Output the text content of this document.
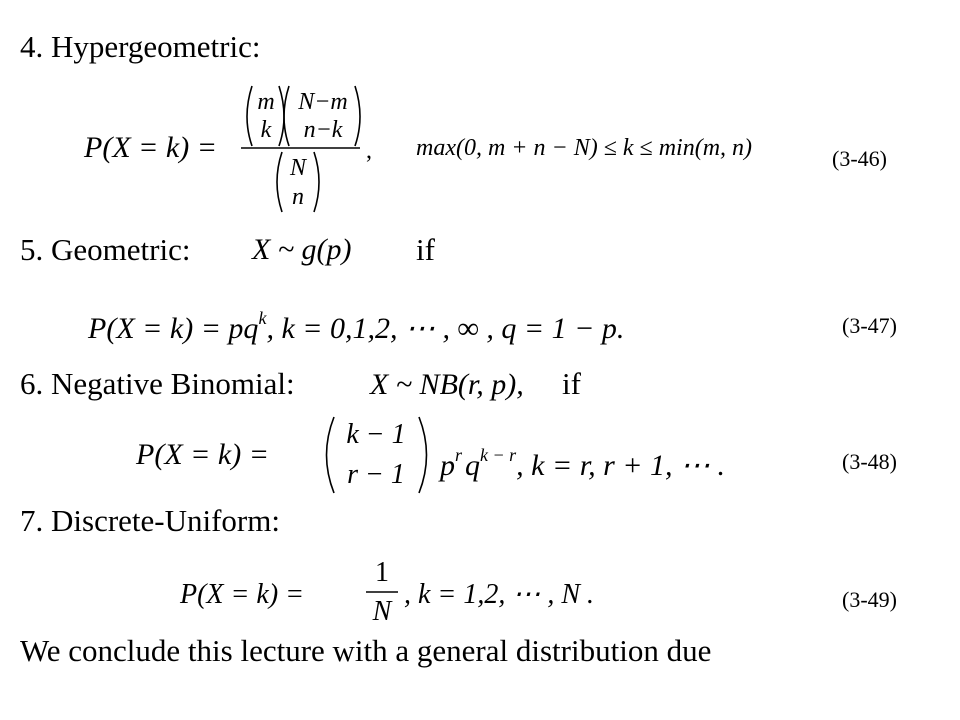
4. Hypergeometric:
P(X = k) =
m
k
N−m
n−k
N
n
, max(0, m + n − N) ≤ k ≤ min(m, n)	(3-46)
5. Geometric: X ~ g(p) if
$P(X = k) = pq^k$, k = 0,1,2, ⋯ , ∞ , q = 1 − p.	(3-47)
6. Negative Binomial:	X ~ NB(r, p), if
P(X = k) =
k − 1
r − 1	$p^r$ $q^{k - r}$, k = r, r + 1, ⋯ .	(3-48)
7. Discrete-Uniform:
P(X = k) =
1
N
, k = 1,2, ⋯ , N .	(3-49)
We conclude this lecture with a general distribution due
